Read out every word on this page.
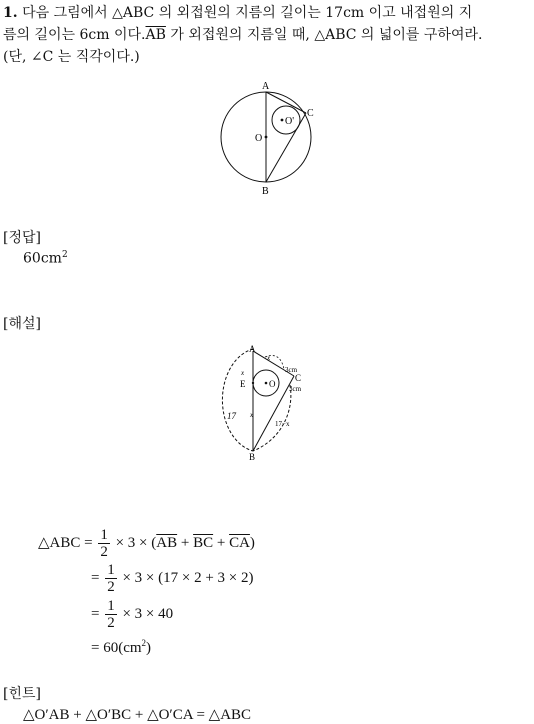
1. 다음 그림에서 △ABC 의 외접원의 지름의 길이는 17cm 이고 내접원의 지
름의 길이는 6cm 이다$.\overline{AB}$ 가 외접원의 지름일 때, △ABC 의 넓이를 구하여라.
(단, ∠C 는 직각이다.)
A
B
C
O
O'
[정답]
$60cm^2$
[해설]
A
B
C
E	O
x
x
x
3cm
3cm
17
17−x
△ABC = $\frac{1}{2} \times 3 \times (\overline{AB} + \overline{BC} + \overline{CA})$
= $\frac{1}{2} \times 3 \times (17 \times 2 + 3 \times 2)$
= $\frac{1}{2} \times 3 \times 40$
= $60(cm^2)$
[힌트]
△O′AB + △O′BC + △O′CA = △ABC
